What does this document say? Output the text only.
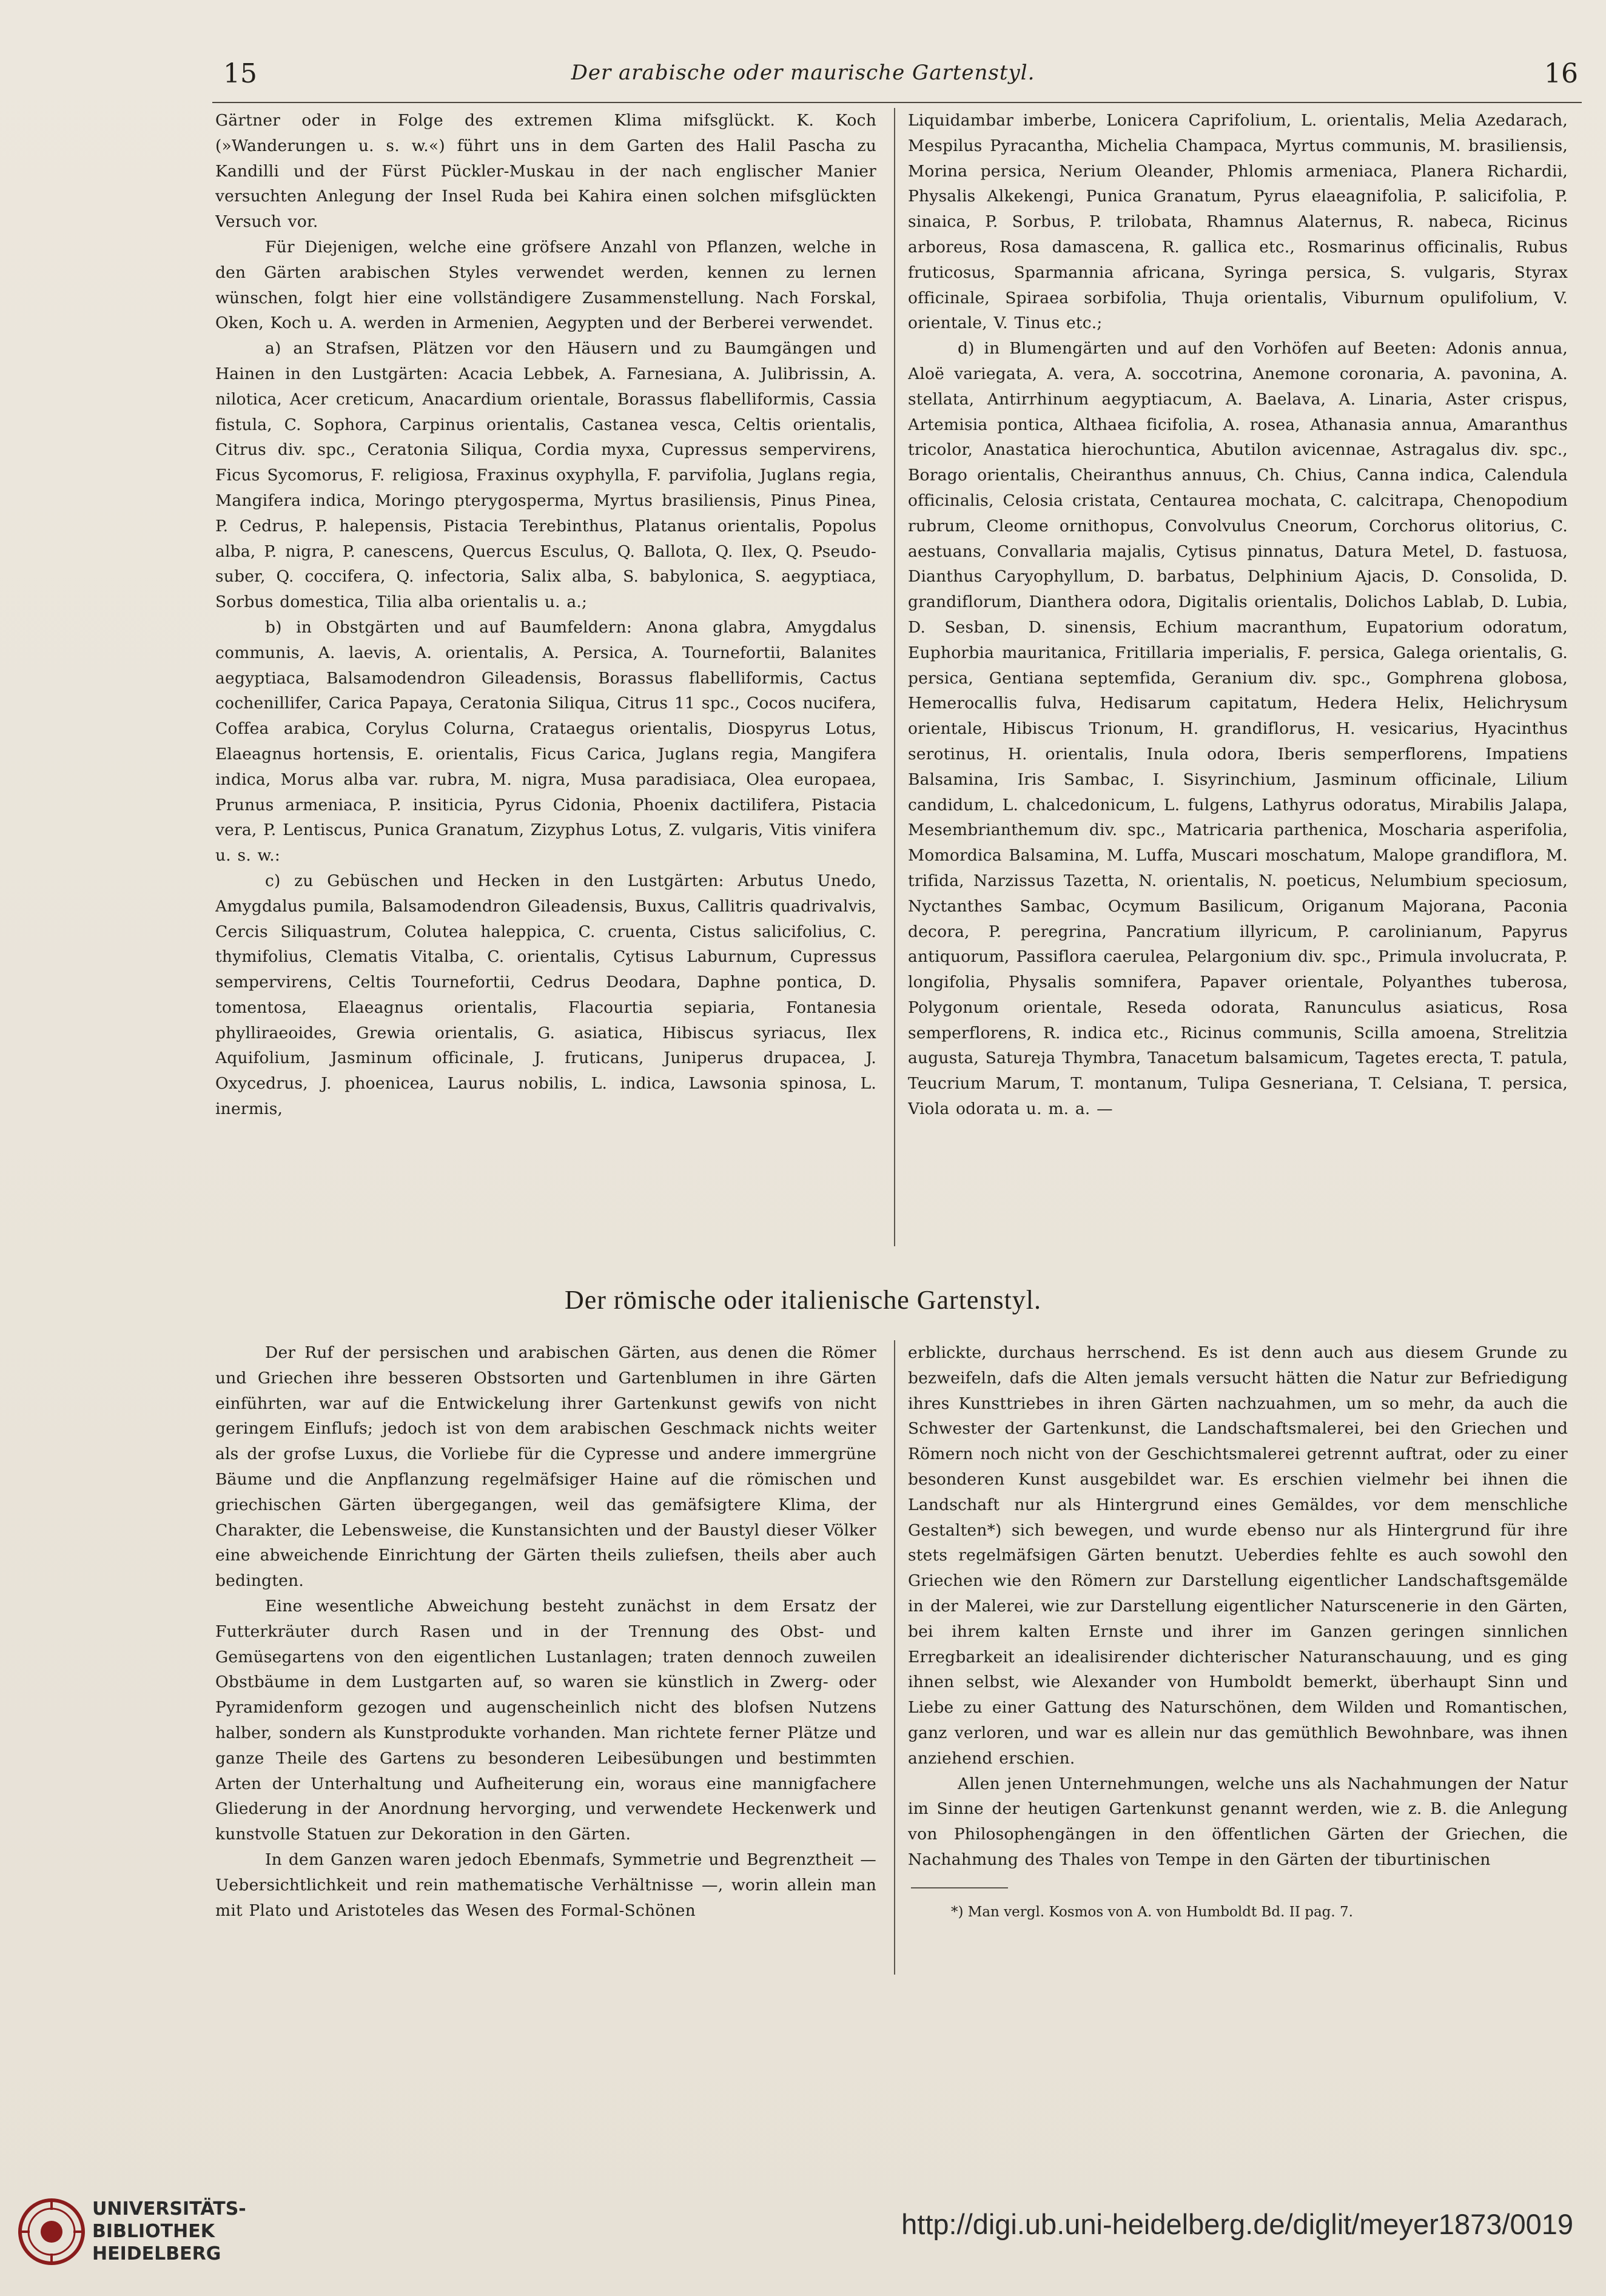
15	Der arabische oder maurische Gartenstyl.	16

Gärtner oder in Folge des extremen Klima mifsglückt. K. Koch (»Wanderungen u. s. w.«) führt uns in dem Garten des Halil Pascha zu Kandilli und der Fürst Pückler-Muskau in der nach englischer Manier versuchten Anlegung der Insel Ruda bei Kahira einen solchen mifsglückten Versuch vor.

Für Diejenigen, welche eine gröfsere Anzahl von Pflanzen, welche in den Gärten arabischen Styles verwendet werden, kennen zu lernen wünschen, folgt hier eine vollständigere Zusammenstellung. Nach Forskal, Oken, Koch u. A. werden in Armenien, Aegypten und der Berberei verwendet.

a) an Strafsen, Plätzen vor den Häusern und zu Baumgängen und Hainen in den Lustgärten: Acacia Lebbek, A. Farnesiana, A. Julibrissin, A. nilotica, Acer creticum, Anacardium orientale, Borassus flabelliformis, Cassia fistula, C. Sophora, Carpinus orientalis, Castanea vesca, Celtis orientalis, Citrus div. spc., Ceratonia Siliqua, Cordia myxa, Cupressus sempervirens, Ficus Sycomorus, F. religiosa, Fraxinus oxyphylla, F. parvifolia, Juglans regia, Mangifera indica, Moringo pterygosperma, Myrtus brasiliensis, Pinus Pinea, P. Cedrus, P. halepensis, Pistacia Terebinthus, Platanus orientalis, Popolus alba, P. nigra, P. canescens, Quercus Esculus, Q. Ballota, Q. Ilex, Q. Pseudo-suber, Q. coccifera, Q. infectoria, Salix alba, S. babylonica, S. aegyptiaca, Sorbus domestica, Tilia alba orientalis u. a.;

b) in Obstgärten und auf Baumfeldern: Anona glabra, Amygdalus communis, A. laevis, A. orientalis, A. Persica, A. Tournefortii, Balanites aegyptiaca, Balsamodendron Gileadensis, Borassus flabelliformis, Cactus cochenillifer, Carica Papaya, Ceratonia Siliqua, Citrus 11 spc., Cocos nucifera, Coffea arabica, Corylus Colurna, Crataegus orientalis, Diospyrus Lotus, Elaeagnus hortensis, E. orientalis, Ficus Carica, Juglans regia, Mangifera indica, Morus alba var. rubra, M. nigra, Musa paradisiaca, Olea europaea, Prunus armeniaca, P. insiticia, Pyrus Cidonia, Phoenix dactilifera, Pistacia vera, P. Lentiscus, Punica Granatum, Zizyphus Lotus, Z. vulgaris, Vitis vinifera u. s. w.:

c) zu Gebüschen und Hecken in den Lustgärten: Arbutus Unedo, Amygdalus pumila, Balsamodendron Gileadensis, Buxus, Callitris quadrivalvis, Cercis Siliquastrum, Colutea haleppica, C. cruenta, Cistus salicifolius, C. thymifolius, Clematis Vitalba, C. orientalis, Cytisus Laburnum, Cupressus sempervirens, Celtis Tournefortii, Cedrus Deodara, Daphne pontica, D. tomentosa, Elaeagnus orientalis, Flacourtia sepiaria, Fontanesia phylliraeoides, Grewia orientalis, G. asiatica, Hibiscus syriacus, Ilex Aquifolium, Jasminum officinale, J. fruticans, Juniperus drupacea, J. Oxycedrus, J. phoenicea, Laurus nobilis, L. indica, Lawsonia spinosa, L. inermis,

Liquidambar imberbe, Lonicera Caprifolium, L. orientalis, Melia Azedarach, Mespilus Pyracantha, Michelia Champaca, Myrtus communis, M. brasiliensis, Morina persica, Nerium Oleander, Phlomis armeniaca, Planera Richardii, Physalis Alkekengi, Punica Granatum, Pyrus elaeagnifolia, P. salicifolia, P. sinaica, P. Sorbus, P. trilobata, Rhamnus Alaternus, R. nabeca, Ricinus arboreus, Rosa damascena, R. gallica etc., Rosmarinus officinalis, Rubus fruticosus, Sparmannia africana, Syringa persica, S. vulgaris, Styrax officinale, Spiraea sorbifolia, Thuja orientalis, Viburnum opulifolium, V. orientale, V. Tinus etc.;

d) in Blumengärten und auf den Vorhöfen auf Beeten: Adonis annua, Aloë variegata, A. vera, A. soccotrina, Anemone coronaria, A. pavonina, A. stellata, Antirrhinum aegyptiacum, A. Baelava, A. Linaria, Aster crispus, Artemisia pontica, Althaea ficifolia, A. rosea, Athanasia annua, Amaranthus tricolor, Anastatica hierochuntica, Abutilon avicennae, Astragalus div. spc., Borago orientalis, Cheiranthus annuus, Ch. Chius, Canna indica, Calendula officinalis, Celosia cristata, Centaurea mochata, C. calcitrapa, Chenopodium rubrum, Cleome ornithopus, Convolvulus Cneorum, Corchorus olitorius, C. aestuans, Convallaria majalis, Cytisus pinnatus, Datura Metel, D. fastuosa, Dianthus Caryophyllum, D. barbatus, Delphinium Ajacis, D. Consolida, D. grandiflorum, Dianthera odora, Digitalis orientalis, Dolichos Lablab, D. Lubia, D. Sesban, D. sinensis, Echium macranthum, Eupatorium odoratum, Euphorbia mauritanica, Fritillaria imperialis, F. persica, Galega orientalis, G. persica, Gentiana septemfida, Geranium div. spc., Gomphrena globosa, Hemerocallis fulva, Hedisarum capitatum, Hedera Helix, Helichrysum orientale, Hibiscus Trionum, H. grandiflorus, H. vesicarius, Hyacinthus serotinus, H. orientalis, Inula odora, Iberis semperflorens, Impatiens Balsamina, Iris Sambac, I. Sisyrinchium, Jasminum officinale, Lilium candidum, L. chalcedonicum, L. fulgens, Lathyrus odoratus, Mirabilis Jalapa, Mesembrianthemum div. spc., Matricaria parthenica, Moscharia asperifolia, Momordica Balsamina, M. Luffa, Muscari moschatum, Malope grandiflora, M. trifida, Narzissus Tazetta, N. orientalis, N. poeticus, Nelumbium speciosum, Nyctanthes Sambac, Ocymum Basilicum, Origanum Majorana, Paconia decora, P. peregrina, Pancratium illyricum, P. carolinianum, Papyrus antiquorum, Passiflora caerulea, Pelargonium div. spc., Primula involucrata, P. longifolia, Physalis somnifera, Papaver orientale, Polyanthes tuberosa, Polygonum orientale, Reseda odorata, Ranunculus asiaticus, Rosa semperflorens, R. indica etc., Ricinus communis, Scilla amoena, Strelitzia augusta, Satureja Thymbra, Tanacetum balsamicum, Tagetes erecta, T. patula, Teucrium Marum, T. montanum, Tulipa Gesneriana, T. Celsiana, T. persica, Viola odorata u. m. a. —

Der römische oder italienische Gartenstyl.

Der Ruf der persischen und arabischen Gärten, aus denen die Römer und Griechen ihre besseren Obstsorten und Gartenblumen in ihre Gärten einführten, war auf die Entwickelung ihrer Gartenkunst gewifs von nicht geringem Einflufs; jedoch ist von dem arabischen Geschmack nichts weiter als der grofse Luxus, die Vorliebe für die Cypresse und andere immergrüne Bäume und die Anpflanzung regelmäfsiger Haine auf die römischen und griechischen Gärten übergegangen, weil das gemäfsigtere Klima, der Charakter, die Lebensweise, die Kunstansichten und der Baustyl dieser Völker eine abweichende Einrichtung der Gärten theils zuliefsen, theils aber auch bedingten.

Eine wesentliche Abweichung besteht zunächst in dem Ersatz der Futterkräuter durch Rasen und in der Trennung des Obst- und Gemüsegartens von den eigentlichen Lustanlagen; traten dennoch zuweilen Obstbäume in dem Lustgarten auf, so waren sie künstlich in Zwerg- oder Pyramidenform gezogen und augenscheinlich nicht des blofsen Nutzens halber, sondern als Kunstprodukte vorhanden. Man richtete ferner Plätze und ganze Theile des Gartens zu besonderen Leibesübungen und bestimmten Arten der Unterhaltung und Aufheiterung ein, woraus eine mannigfachere Gliederung in der Anordnung hervorging, und verwendete Heckenwerk und kunstvolle Statuen zur Dekoration in den Gärten.

In dem Ganzen waren jedoch Ebenmafs, Symmetrie und Begrenztheit — Uebersichtlichkeit und rein mathematische Verhältnisse —, worin allein man mit Plato und Aristoteles das Wesen des Formal-Schönen

erblickte, durchaus herrschend. Es ist denn auch aus diesem Grunde zu bezweifeln, dafs die Alten jemals versucht hätten die Natur zur Befriedigung ihres Kunsttriebes in ihren Gärten nachzuahmen, um so mehr, da auch die Schwester der Gartenkunst, die Landschaftsmalerei, bei den Griechen und Römern noch nicht von der Geschichtsmalerei getrennt auftrat, oder zu einer besonderen Kunst ausgebildet war. Es erschien vielmehr bei ihnen die Landschaft nur als Hintergrund eines Gemäldes, vor dem menschliche Gestalten*) sich bewegen, und wurde ebenso nur als Hintergrund für ihre stets regelmäfsigen Gärten benutzt. Ueberdies fehlte es auch sowohl den Griechen wie den Römern zur Darstellung eigentlicher Landschaftsgemälde in der Malerei, wie zur Darstellung eigentlicher Naturscenerie in den Gärten, bei ihrem kalten Ernste und ihrer im Ganzen geringen sinnlichen Erregbarkeit an idealisirender dichterischer Naturanschauung, und es ging ihnen selbst, wie Alexander von Humboldt bemerkt, überhaupt Sinn und Liebe zu einer Gattung des Naturschönen, dem Wilden und Romantischen, ganz verloren, und war es allein nur das gemüthlich Bewohnbare, was ihnen anziehend erschien.

Allen jenen Unternehmungen, welche uns als Nachahmungen der Natur im Sinne der heutigen Gartenkunst genannt werden, wie z. B. die Anlegung von Philosophengängen in den öffentlichen Gärten der Griechen, die Nachahmung des Thales von Tempe in den Gärten der tiburtinischen

*) Man vergl. Kosmos von A. von Humboldt Bd. II pag. 7.
UNIVERSITÄTS-
BIBLIOTHEK
HEIDELBERG
http://digi.ub.uni-heidelberg.de/diglit/meyer1873/0019
